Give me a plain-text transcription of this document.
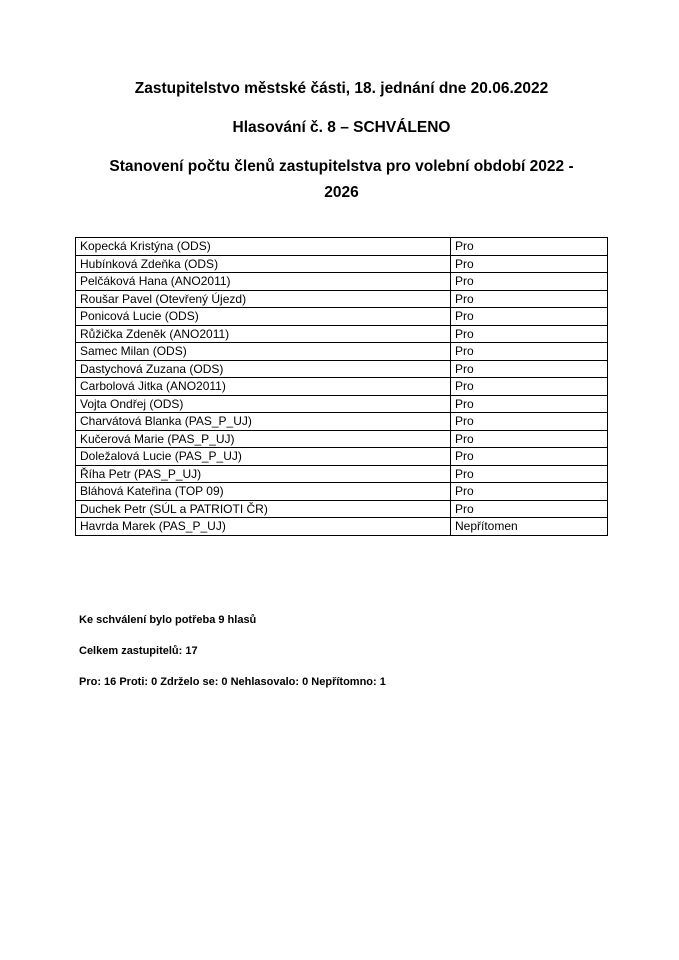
Zastupitelstvo městské části, 18. jednání dne 20.06.2022

Hlasování č. 8 – SCHVÁLENO

Stanovení počtu členů zastupitelstva pro volební období 2022 -
2026

Kopecká Kristýna (ODS)	Pro
Hubínková Zdeňka (ODS)	Pro
Pelčáková Hana (ANO2011)	Pro
Roušar Pavel (Otevřený Újezd)	Pro
Ponicová Lucie (ODS)	Pro
Růžička Zdeněk (ANO2011)	Pro
Samec Milan (ODS)	Pro
Dastychová Zuzana (ODS)	Pro
Carbolová Jitka (ANO2011)	Pro
Vojta Ondřej (ODS)	Pro
Charvátová Blanka (PAS_P_UJ)	Pro
Kučerová Marie (PAS_P_UJ)	Pro
Doležalová Lucie (PAS_P_UJ)	Pro
Říha Petr (PAS_P_UJ)	Pro
Bláhová Kateřina (TOP 09)	Pro
Duchek Petr (SÚL a PATRIOTI ČR)	Pro
Havrda Marek (PAS_P_UJ)	Nepřítomen

Ke schválení bylo potřeba 9 hlasů

Celkem zastupitelů: 17

Pro: 16 Proti: 0 Zdrželo se: 0 Nehlasovalo: 0 Nepřítomno: 1
